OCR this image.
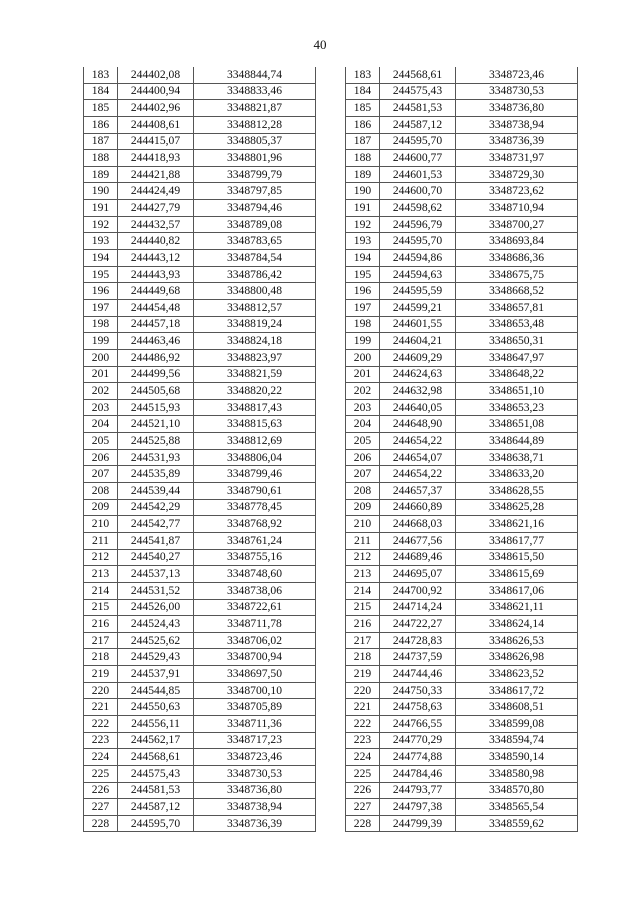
40
183	244402,08	3348844,74
184	244400,94	3348833,46
185	244402,96	3348821,87
186	244408,61	3348812,28
187	244415,07	3348805,37
188	244418,93	3348801,96
189	244421,88	3348799,79
190	244424,49	3348797,85
191	244427,79	3348794,46
192	244432,57	3348789,08
193	244440,82	3348783,65
194	244443,12	3348784,54
195	244443,93	3348786,42
196	244449,68	3348800,48
197	244454,48	3348812,57
198	244457,18	3348819,24
199	244463,46	3348824,18
200	244486,92	3348823,97
201	244499,56	3348821,59
202	244505,68	3348820,22
203	244515,93	3348817,43
204	244521,10	3348815,63
205	244525,88	3348812,69
206	244531,93	3348806,04
207	244535,89	3348799,46
208	244539,44	3348790,61
209	244542,29	3348778,45
210	244542,77	3348768,92
211	244541,87	3348761,24
212	244540,27	3348755,16
213	244537,13	3348748,60
214	244531,52	3348738,06
215	244526,00	3348722,61
216	244524,43	3348711,78
217	244525,62	3348706,02
218	244529,43	3348700,94
219	244537,91	3348697,50
220	244544,85	3348700,10
221	244550,63	3348705,89
222	244556,11	3348711,36
223	244562,17	3348717,23
224	244568,61	3348723,46
225	244575,43	3348730,53
226	244581,53	3348736,80
227	244587,12	3348738,94
228	244595,70	3348736,39
183	244568,61	3348723,46
184	244575,43	3348730,53
185	244581,53	3348736,80
186	244587,12	3348738,94
187	244595,70	3348736,39
188	244600,77	3348731,97
189	244601,53	3348729,30
190	244600,70	3348723,62
191	244598,62	3348710,94
192	244596,79	3348700,27
193	244595,70	3348693,84
194	244594,86	3348686,36
195	244594,63	3348675,75
196	244595,59	3348668,52
197	244599,21	3348657,81
198	244601,55	3348653,48
199	244604,21	3348650,31
200	244609,29	3348647,97
201	244624,63	3348648,22
202	244632,98	3348651,10
203	244640,05	3348653,23
204	244648,90	3348651,08
205	244654,22	3348644,89
206	244654,07	3348638,71
207	244654,22	3348633,20
208	244657,37	3348628,55
209	244660,89	3348625,28
210	244668,03	3348621,16
211	244677,56	3348617,77
212	244689,46	3348615,50
213	244695,07	3348615,69
214	244700,92	3348617,06
215	244714,24	3348621,11
216	244722,27	3348624,14
217	244728,83	3348626,53
218	244737,59	3348626,98
219	244744,46	3348623,52
220	244750,33	3348617,72
221	244758,63	3348608,51
222	244766,55	3348599,08
223	244770,29	3348594,74
224	244774,88	3348590,14
225	244784,46	3348580,98
226	244793,77	3348570,80
227	244797,38	3348565,54
228	244799,39	3348559,62
